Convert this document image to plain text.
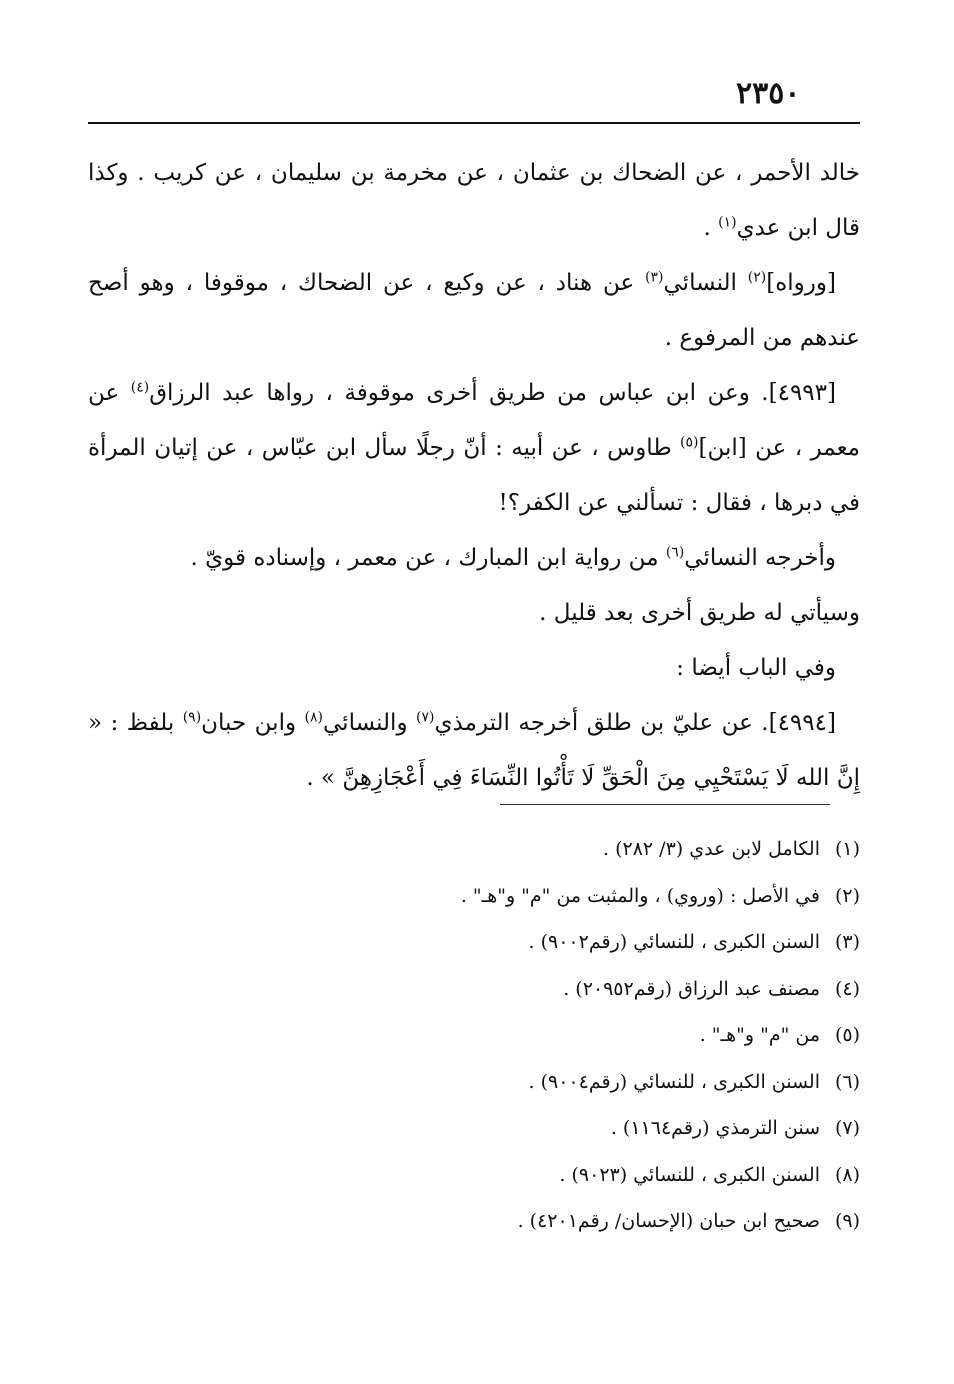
٢٣٥٠

خالد الأحمر ، عن الضحاك بن عثمان ، عن مخرمة بن سليمان ، عن كريب . وكذا قال ابن عدي$^{(١)}$ .

[ورواه]$^{(٢)}$ النسائي$^{(٣)}$ عن هناد ، عن وكيع ، عن الضحاك ، موقوفا ، وهو أصح عندهم من المرفوع .

[٤٩٩٣]. وعن ابن عباس من طريق أخرى موقوفة ، رواها عبد الرزاق$^{(٤)}$ عن معمر ، عن [ابن]$^{(٥)}$ طاوس ، عن أبيه : أنّ رجلًا سأل ابن عبّاس ، عن إتيان المرأة في دبرها ، فقال : تسألني عن الكفر؟!

وأخرجه النسائي$^{(٦)}$ من رواية ابن المبارك ، عن معمر ، وإسناده قويّ .

وسيأتي له طريق أخرى بعد قليل .

وفي الباب أيضا :

[٤٩٩٤]. عن عليّ بن طلق أخرجه الترمذي$^{(٧)}$ والنسائي$^{(٨)}$ وابن حبان$^{(٩)}$ بلفظ : « إِنَّ الله لَا يَسْتَحْيِي مِنَ الْحَقِّ لَا تَأْتُوا النِّسَاءَ فِي أَعْجَازِهِنَّ » .

(١)الكامل لابن عدي (٣/ ٢٨٢) .
(٢)في الأصل : (وروي) ، والمثبت من "م" و"هـ" .
(٣)السنن الكبرى ، للنسائي (رقم٩٠٠٢) .
(٤)مصنف عبد الرزاق (رقم٢٠٩٥٢) .
(٥)من "م" و"هـ" .
(٦)السنن الكبرى ، للنسائي (رقم٩٠٠٤) .
(٧)سنن الترمذي (رقم١١٦٤) .
(٨)السنن الكبرى ، للنسائي (٩٠٢٣) .
(٩)صحيح ابن حبان (الإحسان/ رقم٤٢٠١) .
